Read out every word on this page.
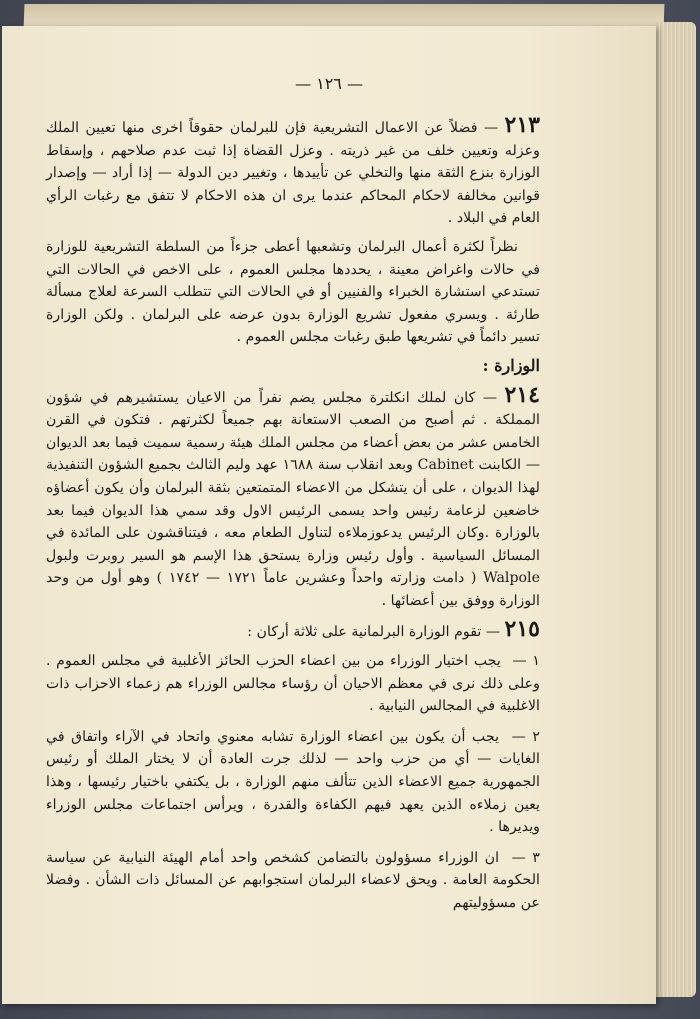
— ١٢٦ —

٢١٣ — فضلاً عن الاعمال التشريعية فإن للبرلمان حقوقاً اخرى منها تعيين الملك وعزله وتعيين خلف من غير ذريته . وعزل القضاة إذا ثبت عدم صلاحهم ، وإسقاط الوزارة بنزع الثقة منها والتخلي عن تأييدها ، وتغيير دين الدولة — إذا أراد — وإصدار قوانين مخالفة لاحكام المحاكم عندما يرى ان هذه الاحكام لا تتفق مع رغبات الرأي العام في البلاد .

نظراً لكثرة أعمال البرلمان وتشعبها أعطى جزءاً من السلطة التشريعية للوزارة في حالات واغراض معينة ، يحددها مجلس العموم ، على الاخص في الحالات التي تستدعي استشارة الخبراء والفنيين أو في الحالات التي تتطلب السرعة لعلاج مسألة طارئة . ويسري مفعول تشريع الوزارة بدون عرضه على البرلمان . ولكن الوزارة تسير دائماً في تشريعها طبق رغبات مجلس العموم .

الوزارة :

٢١٤ — كان لملك انكلترة مجلس يضم نفراً من الاعيان يستشيرهم في شؤون المملكة . ثم أصبح من الصعب الاستعانة بهم جميعاً لكثرتهم . فتكون في القرن الخامس عشر من بعض أعضاء من مجلس الملك هيئة رسمية سميت فيما بعد الديوان — الكابنت Cabinet وبعد انقلاب سنة ١٦٨٨ عهد وليم الثالث بجميع الشؤون التنفيذية لهذا الديوان ، على أن يتشكل من الاعضاء المتمتعين بثقة البرلمان وأن يكون أعضاؤه خاضعين لزعامة رئيس واحد يسمى الرئيس الاول وقد سمي هذا الديوان فيما بعد بالوزارة .وكان الرئيس يدعوزملاءه لتناول الطعام معه ، فيتناقشون على المائدة في المسائل السياسية . وأول رئيس وزارة يستحق هذا الإسم هو السير روبرت ولبول Walpole ( دامت وزارته واحداً وعشرين عاماً ١٧٢١ — ١٧٤٢ ) وهو أول من وحد الوزارة ووفق بين أعضائها .

٢١٥ — تقوم الوزارة البرلمانية على ثلاثة أركان :

١ — يجب اختيار الوزراء من بين اعضاء الحزب الحائز الأغلبية في مجلس العموم . وعلى ذلك نرى في معظم الاحيان أن رؤساء مجالس الوزراء هم زعماء الاحزاب ذات الاغلبية في المجالس النيابية .

٢ — يجب أن يكون بين اعضاء الوزارة تشابه معنوي واتحاد في الآراء واتفاق في الغايات — أي من حزب واحد — لذلك جرت العادة أن لا يختار الملك أو رئيس الجمهورية جميع الاعضاء الذين تتألف منهم الوزارة ، بل يكتفي باختيار رئيسها ، وهذا يعين زملاءه الذين يعهد فيهم الكفاءة والقدرة ، ويرأس اجتماعات مجلس الوزراء ويديرها .

٣ — ان الوزراء مسؤولون بالتضامن كشخص واحد أمام الهيئة النيابية عن سياسة الحكومة العامة . ويحق لاعضاء البرلمان استجوابهم عن المسائل ذات الشأن . وفضلا عن مسؤوليتهم
